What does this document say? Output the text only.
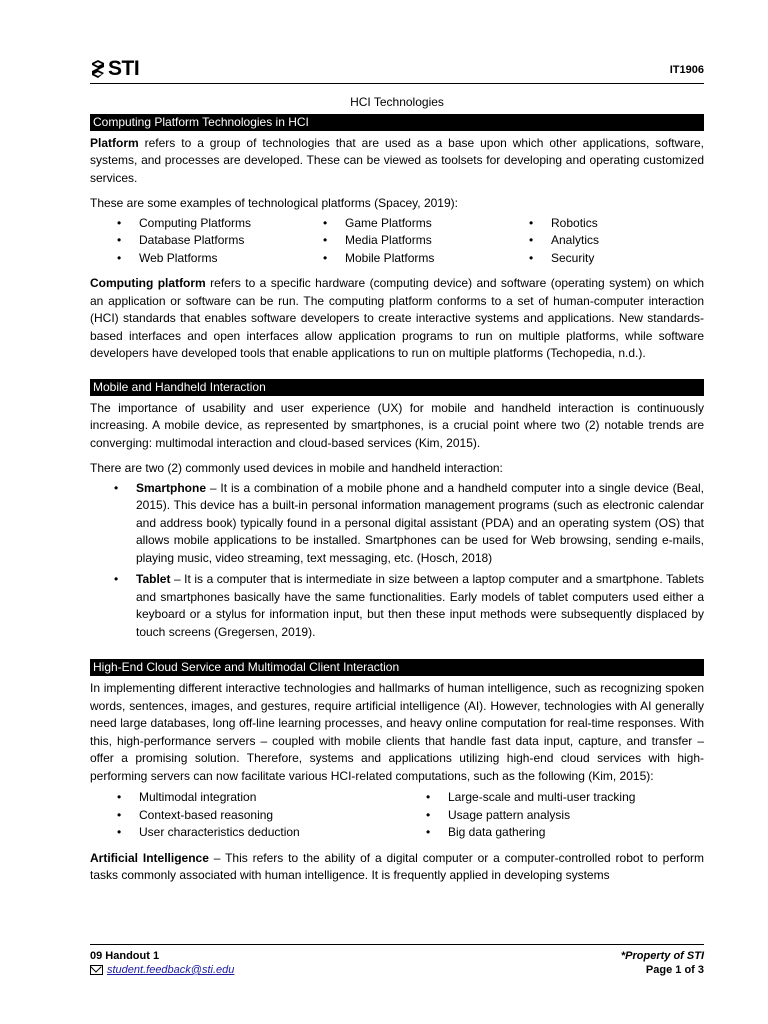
STI	IT1906
HCI Technologies
Computing Platform Technologies in HCI

Platform refers to a group of technologies that are used as a base upon which other applications, software, systems, and processes are developed. These can be viewed as toolsets for developing and operating customized services.

These are some examples of technological platforms (Spacey, 2019):

• Computing Platforms
• Database Platforms
• Web Platforms
• Game Platforms
• Media Platforms
• Mobile Platforms
• Robotics
• Analytics
• Security

Computing platform refers to a specific hardware (computing device) and software (operating system) on which an application or software can be run. The computing platform conforms to a set of human-computer interaction (HCI) standards that enables software developers to create interactive systems and applications. New standards-based interfaces and open interfaces allow application programs to run on multiple platforms, while software developers have developed tools that enable applications to run on multiple platforms (Techopedia, n.d.).

Mobile and Handheld Interaction

The importance of usability and user experience (UX) for mobile and handheld interaction is continuously increasing. A mobile device, as represented by smartphones, is a crucial point where two (2) notable trends are converging: multimodal interaction and cloud-based services (Kim, 2015).

There are two (2) commonly used devices in mobile and handheld interaction:

• Smartphone – It is a combination of a mobile phone and a handheld computer into a single device (Beal, 2015). This device has a built-in personal information management programs (such as electronic calendar and address book) typically found in a personal digital assistant (PDA) and an operating system (OS) that allows mobile applications to be installed. Smartphones can be used for Web browsing, sending e-mails, playing music, video streaming, text messaging, etc. (Hosch, 2018)
• Tablet – It is a computer that is intermediate in size between a laptop computer and a smartphone. Tablets and smartphones basically have the same functionalities. Early models of tablet computers used either a keyboard or a stylus for information input, but then these input methods were subsequently displaced by touch screens (Gregersen, 2019).
High-End Cloud Service and Multimodal Client Interaction

In implementing different interactive technologies and hallmarks of human intelligence, such as recognizing spoken words, sentences, images, and gestures, require artificial intelligence (AI). However, technologies with AI generally need large databases, long off-line learning processes, and heavy online computation for real-time responses. With this, high-performance servers – coupled with mobile clients that handle fast data input, capture, and transfer – offer a promising solution. Therefore, systems and applications utilizing high-end cloud services with high-performing servers can now facilitate various HCI-related computations, such as the following (Kim, 2015):

• Multimodal integration
• Context-based reasoning
• User characteristics deduction
• Large-scale and multi-user tracking
• Usage pattern analysis
• Big data gathering

Artificial Intelligence – This refers to the ability of a digital computer or a computer-controlled robot to perform tasks commonly associated with human intelligence. It is frequently applied in developing systems

09 Handout 1
student.feedback@sti.edu
*Property of STI
Page 1 of 3
